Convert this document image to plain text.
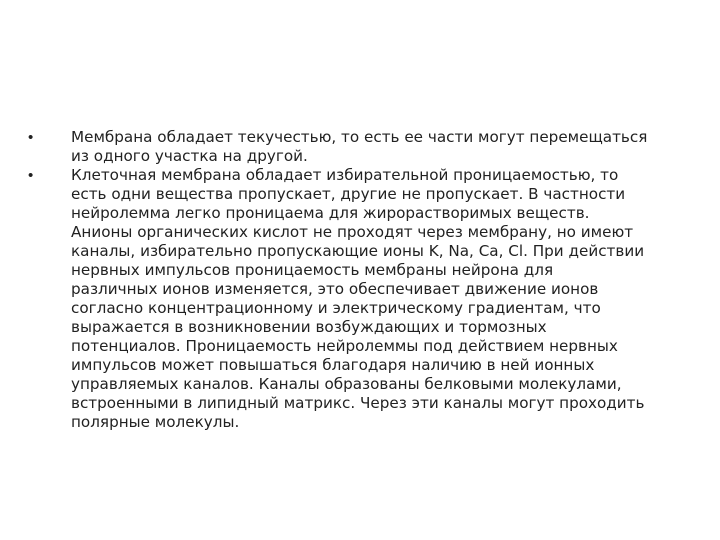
• Мембрана обладает текучестью, то есть ее части могут перемещаться
из одного участка на другой.
• Клеточная мембрана обладает избирательной проницаемостью, то
есть одни вещества пропускает, другие не пропускает. В частности
нейролемма легко проницаема для жирорастворимых веществ.
Анионы органических кислот не проходят через мембрану, но имеют
каналы, избирательно пропускающие ионы K, Na, Ca, Cl. При действии
нервных импульсов проницаемость мембраны нейрона для
различных ионов изменяется, это обеспечивает движение ионов
согласно концентрационному и электрическому градиентам, что
выражается в возникновении возбуждающих и тормозных
потенциалов. Проницаемость нейролеммы под действием нервных
импульсов может повышаться благодаря наличию в ней ионных
управляемых каналов. Каналы образованы белковыми молекулами,
встроенными в липидный матрикс. Через эти каналы могут проходить
полярные молекулы.
